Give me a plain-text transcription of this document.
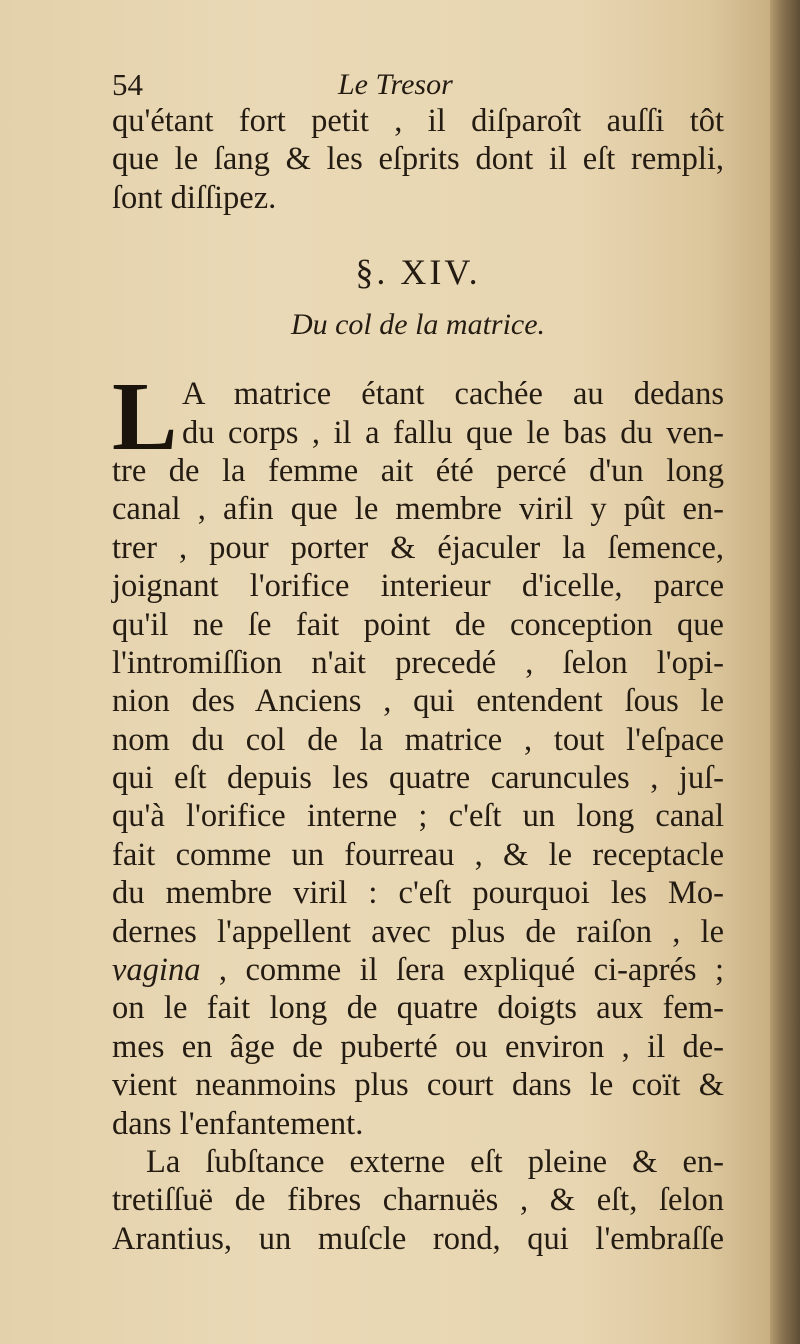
54	Le Tresor
qu'étant fort petit , il diſparoît auſſi tôt
que le ſang & les eſprits dont il eſt rempli,
ſont diſſipez.
§. XIV.
Du col de la matrice.
L A matrice étant cachée au dedans
du corps , il a fallu que le bas du ven-
tre de la femme ait été percé d'un long
canal , afin que le membre viril y pût en-
trer , pour porter & éjaculer la ſemence,
joignant l'orifice interieur d'icelle, parce
qu'il ne ſe fait point de conception que
l'intromiſſion n'ait precedé , ſelon l'opi-
nion des Anciens , qui entendent ſous le
nom du col de la matrice , tout l'eſpace
qui eſt depuis les quatre caruncules , juſ-
qu'à l'orifice interne ; c'eſt un long canal
fait comme un fourreau , & le receptacle
du membre viril : c'eſt pourquoi les Mo-
dernes l'appellent avec plus de raiſon , le
vagina , comme il ſera expliqué ci-aprés ;
on le fait long de quatre doigts aux fem-
mes en âge de puberté ou environ , il de-
vient neanmoins plus court dans le coït &
dans l'enfantement.
La ſubſtance externe eſt pleine & en-
tretiſſuë de fibres charnuës , & eſt, ſelon
Arantius, un muſcle rond, qui l'embraſſe
